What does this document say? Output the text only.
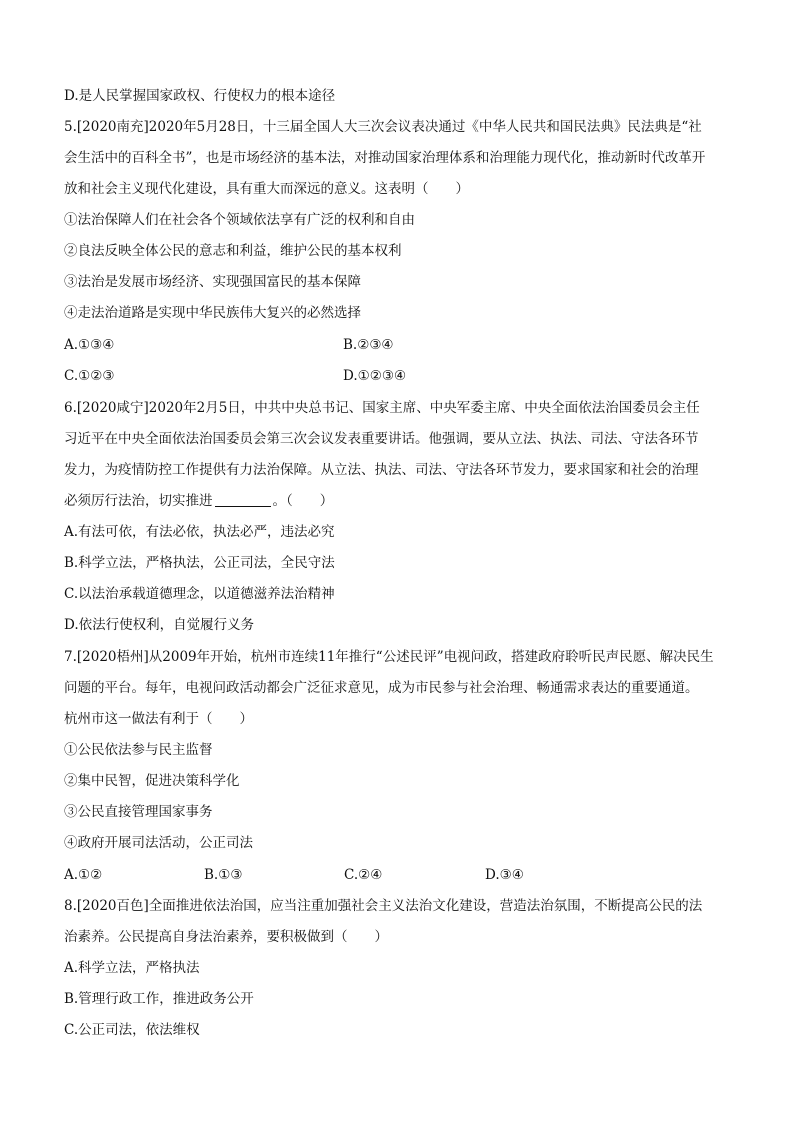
D.是人民掌握国家政权、行使权力的根本途径
5.[2020南充]2020年5月28日，十三届全国人大三次会议表决通过《中华人民共和国民法典》民法典是“社
会生活中的百科全书”，也是市场经济的基本法，对推动国家治理体系和治理能力现代化，推动新时代改革开
放和社会主义现代化建设，具有重大而深远的意义。这表明（　　）
①法治保障人们在社会各个领域依法享有广泛的权利和自由
②良法反映全体公民的意志和利益，维护公民的基本权利
③法治是发展市场经济、实现强国富民的基本保障
④走法治道路是实现中华民族伟大复兴的必然选择
A.①③④	B.②③④
C.①②③	D.①②③④
6.[2020咸宁]2020年2月5日，中共中央总书记、国家主席、中央军委主席、中央全面依法治国委员会主任
习近平在中央全面依法治国委员会第三次会议发表重要讲话。他强调，要从立法、执法、司法、守法各环节
发力，为疫情防控工作提供有力法治保障。从立法、执法、司法、守法各环节发力，要求国家和社会的治理
必须厉行法治，切实推进	。（　　）
A.有法可依，有法必依，执法必严，违法必究
B.科学立法，严格执法，公正司法，全民守法
C.以法治承载道德理念，以道德滋养法治精神
D.依法行使权利，自觉履行义务
7.[2020梧州]从2009年开始，杭州市连续11年推行“公述民评”电视问政，搭建政府聆听民声民愿、解决民生
问题的平台。每年，电视问政活动都会广泛征求意见，成为市民参与社会治理、畅通需求表达的重要通道。
杭州市这一做法有利于（　　）
①公民依法参与民主监督
②集中民智，促进决策科学化
③公民直接管理国家事务
④政府开展司法活动，公正司法
A.①②	B.①③	C.②④	D.③④
8.[2020百色]全面推进依法治国，应当注重加强社会主义法治文化建设，营造法治氛围，不断提高公民的法
治素养。公民提高自身法治素养，要积极做到（　　）
A.科学立法，严格执法
B.管理行政工作，推进政务公开
C.公正司法，依法维权
